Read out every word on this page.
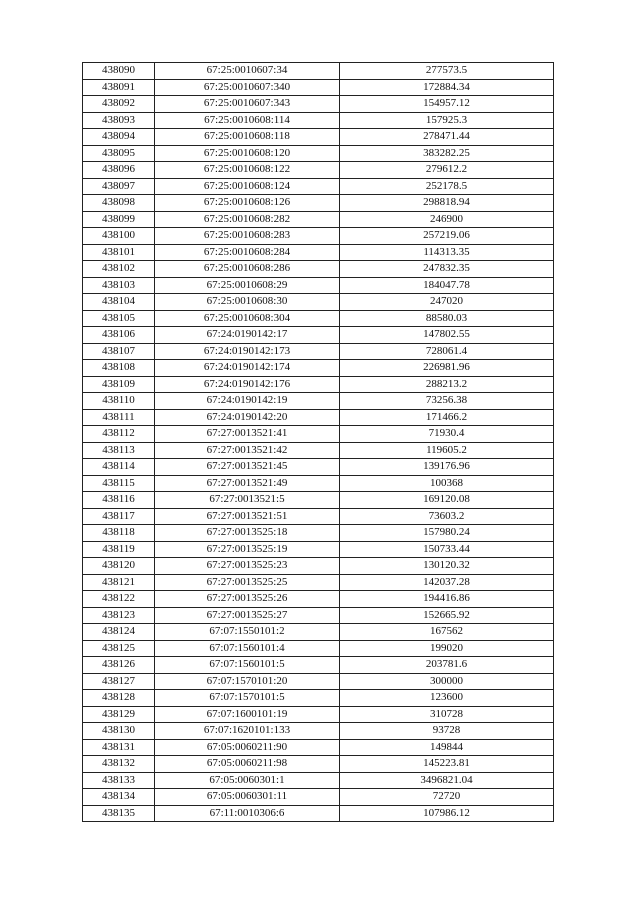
438090	67:25:0010607:34	277573.5
438091	67:25:0010607:340	172884.34
438092	67:25:0010607:343	154957.12
438093	67:25:0010608:114	157925.3
438094	67:25:0010608:118	278471.44
438095	67:25:0010608:120	383282.25
438096	67:25:0010608:122	279612.2
438097	67:25:0010608:124	252178.5
438098	67:25:0010608:126	298818.94
438099	67:25:0010608:282	246900
438100	67:25:0010608:283	257219.06
438101	67:25:0010608:284	114313.35
438102	67:25:0010608:286	247832.35
438103	67:25:0010608:29	184047.78
438104	67:25:0010608:30	247020
438105	67:25:0010608:304	88580.03
438106	67:24:0190142:17	147802.55
438107	67:24:0190142:173	728061.4
438108	67:24:0190142:174	226981.96
438109	67:24:0190142:176	288213.2
438110	67:24:0190142:19	73256.38
438111	67:24:0190142:20	171466.2
438112	67:27:0013521:41	71930.4
438113	67:27:0013521:42	119605.2
438114	67:27:0013521:45	139176.96
438115	67:27:0013521:49	100368
438116	67:27:0013521:5	169120.08
438117	67:27:0013521:51	73603.2
438118	67:27:0013525:18	157980.24
438119	67:27:0013525:19	150733.44
438120	67:27:0013525:23	130120.32
438121	67:27:0013525:25	142037.28
438122	67:27:0013525:26	194416.86
438123	67:27:0013525:27	152665.92
438124	67:07:1550101:2	167562
438125	67:07:1560101:4	199020
438126	67:07:1560101:5	203781.6
438127	67:07:1570101:20	300000
438128	67:07:1570101:5	123600
438129	67:07:1600101:19	310728
438130	67:07:1620101:133	93728
438131	67:05:0060211:90	149844
438132	67:05:0060211:98	145223.81
438133	67:05:0060301:1	3496821.04
438134	67:05:0060301:11	72720
438135	67:11:0010306:6	107986.12
